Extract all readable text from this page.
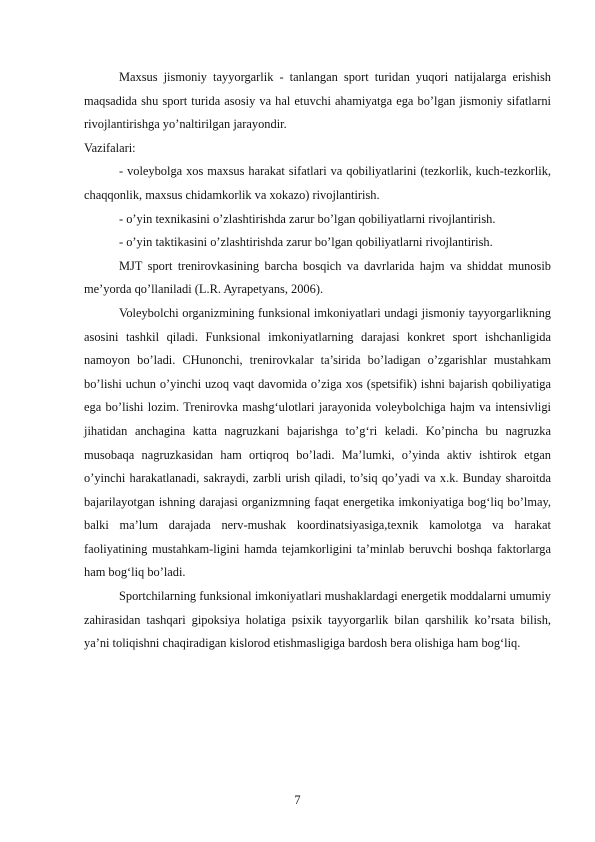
Maxsus jismoniy tayyorgarlik - tanlangan sport turidan yuqori natijalarga erishish maqsadida shu sport turida asosiy va hal etuvchi ahamiyatga ega bo’lgan jismoniy sifatlarni rivojlantirishga yo’naltirilgan jarayondir.

Vazifalari:

- voleybolga xos maxsus harakat sifatlari va qobiliyatlarini (tezkorlik, kuch-tezkorlik, chaqqonlik, maxsus chidamkorlik va xokazo) rivojlantirish.

- o’yin texnikasini o’zlashtirishda zarur bo’lgan qobiliyatlarni rivojlantirish.

- o’yin taktikasini o’zlashtirishda zarur bo’lgan qobiliyatlarni rivojlantirish.

MJT sport trenirovkasining barcha bosqich va davrlarida hajm va shiddat munosib me’yorda qo’llaniladi (L.R. Ayrapetyans, 2006).

Voleybolchi organizmining funksional imkoniyatlari undagi jismoniy tayyorgarlikning asosini tashkil qiladi. Funksional imkoniyatlarning darajasi konkret sport ishchanligida namoyon bo’ladi. CHunonchi, trenirovkalar ta’sirida bo’ladigan o’zgarishlar mustahkam bo’lishi uchun o’yinchi uzoq vaqt davomida o’ziga xos (spetsifik) ishni bajarish qobiliyatiga ega bo’lishi lozim. Trenirovka mashg‘ulotlari jarayonida voleybolchiga hajm va intensivligi jihatidan anchagina katta nagruzkani bajarishga to’g‘ri keladi. Ko’pincha bu nagruzka musobaqa nagruzkasidan ham ortiqroq bo’ladi. Ma’lumki, o’yinda aktiv ishtirok etgan o’yinchi harakatlanadi, sakraydi, zarbli urish qiladi, to’siq qo’yadi va x.k. Bunday sharoitda bajarilayotgan ishning darajasi organizmning faqat energetika imkoniyatiga bog‘liq bo’lmay, balki ma’lum darajada nerv-mushak koordinatsiyasiga,texnik kamolotga va harakat faoliyatining mustahkam-ligini hamda tejamkorligini ta’minlab beruvchi boshqa faktorlarga ham bog‘liq bo’ladi.

Sportchilarning funksional imkoniyatlari mushaklardagi energetik moddalarni umumiy zahirasidan tashqari gipoksiya holatiga psixik tayyorgarlik bilan qarshilik ko’rsata bilish, ya’ni toliqishni chaqiradigan kislorod etishmasligiga bardosh bera olishiga ham bog‘liq.

7
